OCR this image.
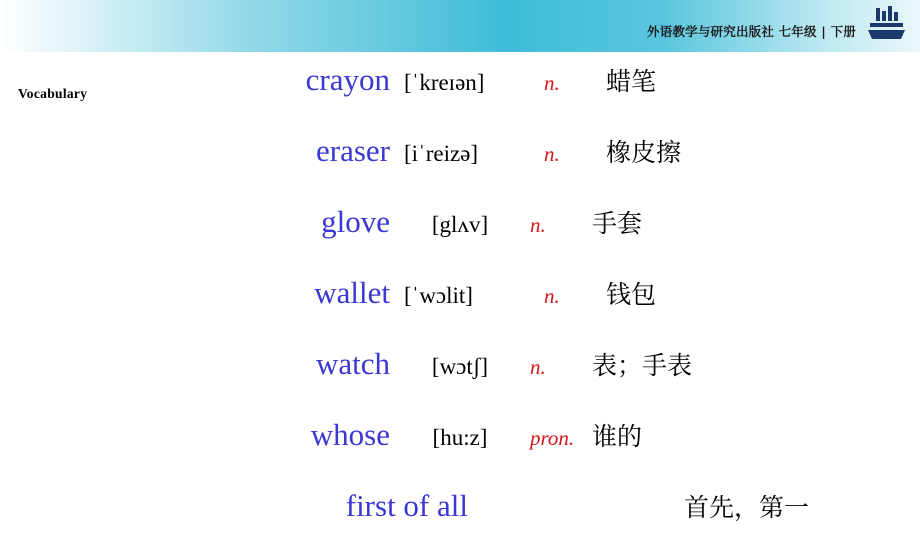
外语教学与研究出版社 七年级 | 下册
Vocabulary	crayon [ˈkreɪən]	n.	蜡笔
eraser [iˈreizə]	n.	橡皮擦
glove	[glʌv]	n.	手套
wallet [ˈwɔlit]	n.	钱包
watch	[wɔtʃ]	n.	表；手表
whose	[hu:z]	pron. 谁的
first of all	首先，第一
